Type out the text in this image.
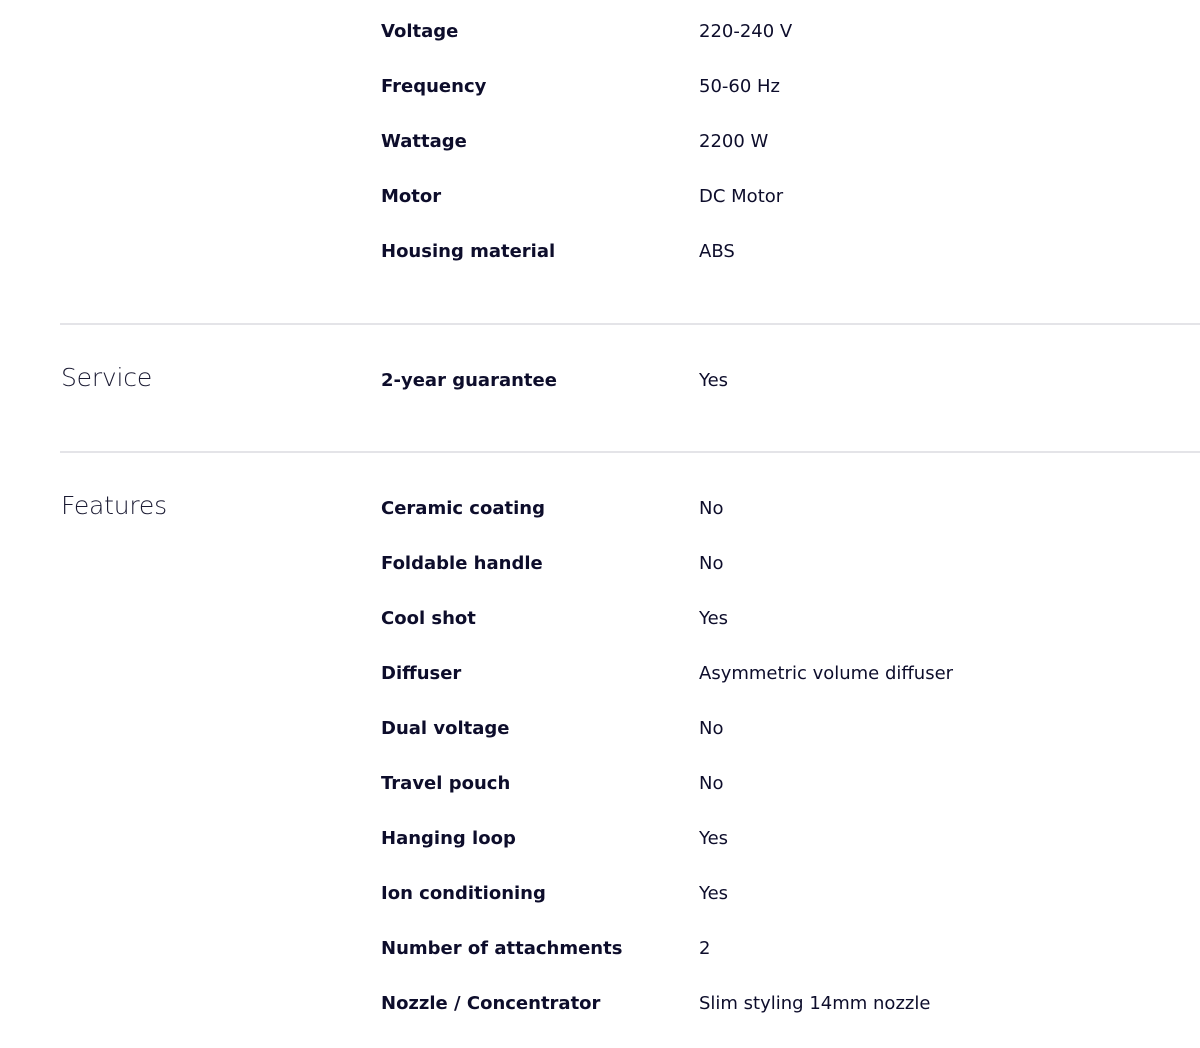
Voltage	220-240 V
Frequency	50-60 Hz
Wattage	2200 W
Motor	DC Motor
Housing material	ABS
Service	2-year guarantee	Yes
Features	Ceramic coating	No
Foldable handle	No
Cool shot	Yes
Diffuser	Asymmetric volume diffuser
Dual voltage	No
Travel pouch	No
Hanging loop	Yes
Ion conditioning	Yes
Number of attachments	2
Nozzle / Concentrator	Slim styling 14mm nozzle
